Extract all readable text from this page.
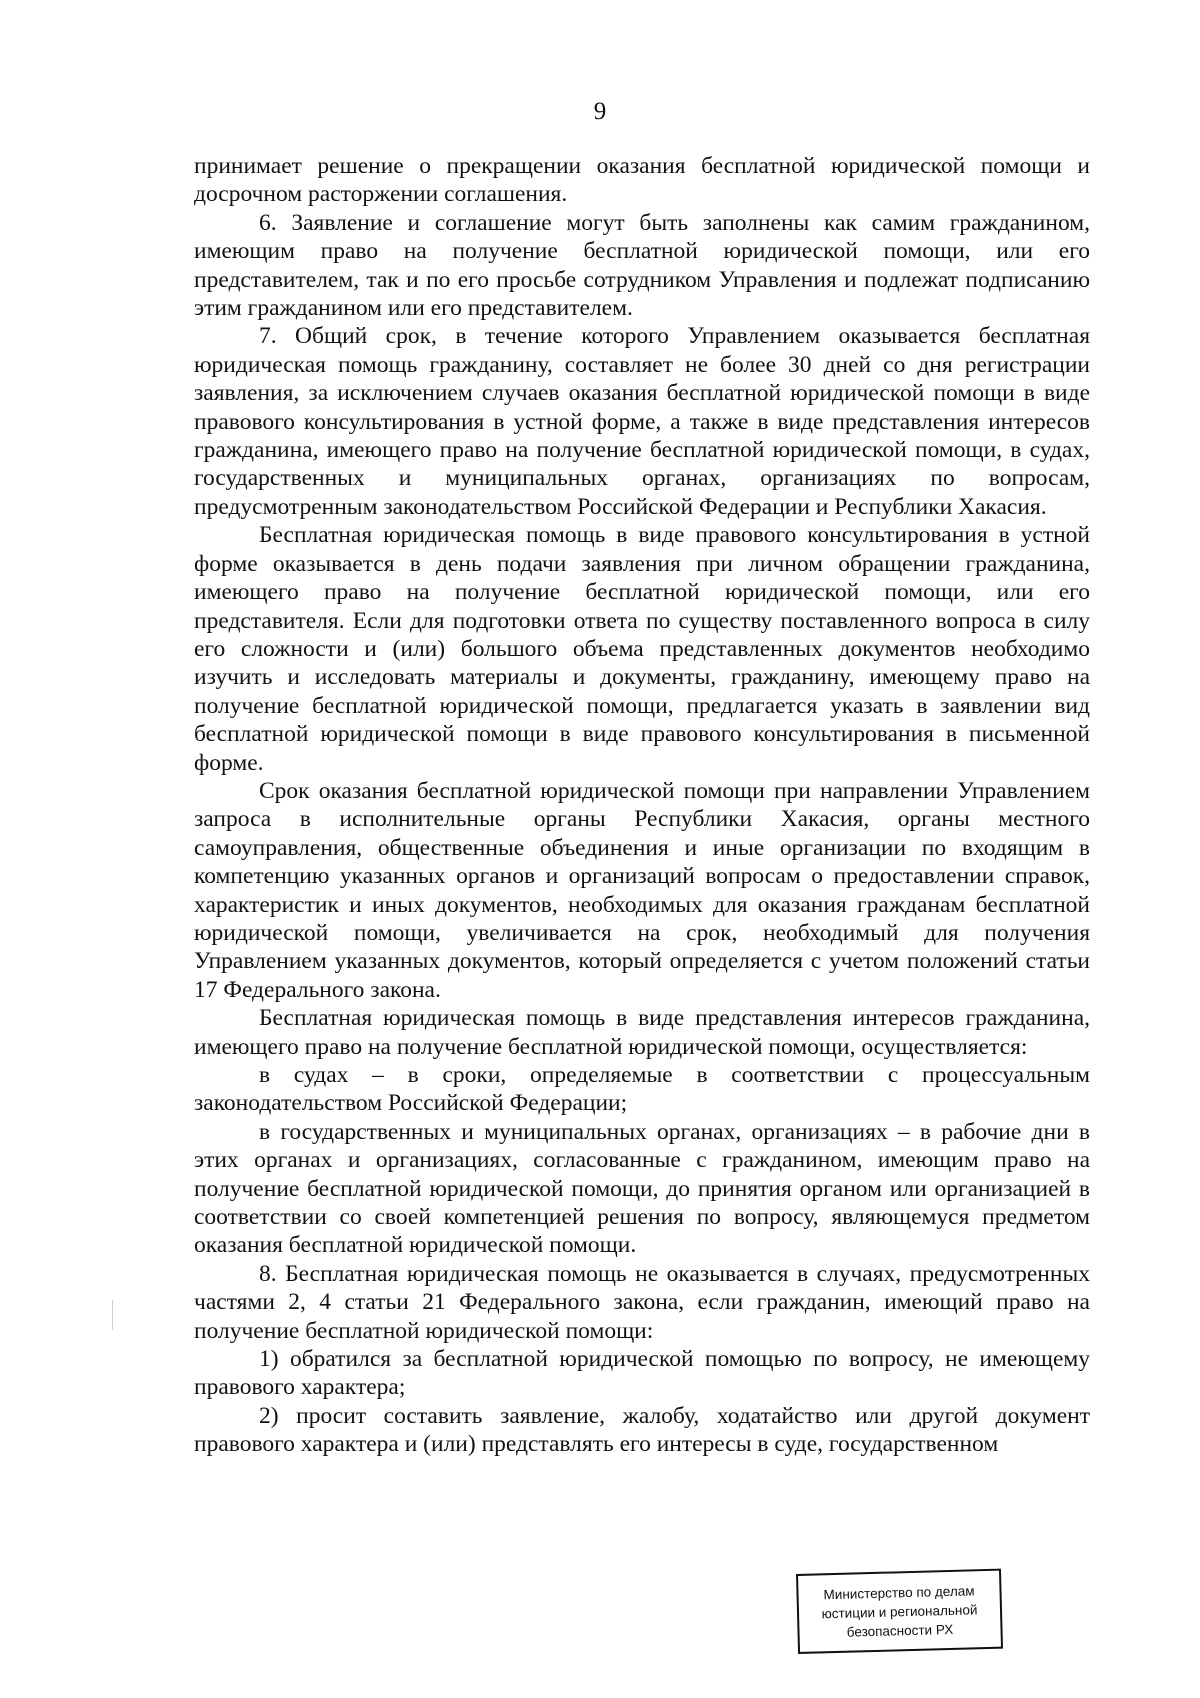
9

принимает решение о прекращении оказания бесплатной юридической помощи и досрочном расторжении соглашения.

6. Заявление и соглашение могут быть заполнены как самим гражданином, имеющим право на получение бесплатной юридической помощи, или его представителем, так и по его просьбе сотрудником Управления и подлежат подписанию этим гражданином или его представителем.

7. Общий срок, в течение которого Управлением оказывается бесплатная юридическая помощь гражданину, составляет не более 30 дней со дня регистрации заявления, за исключением случаев оказания бесплатной юридической помощи в виде правового консультирования в устной форме, а также в виде представления интересов гражданина, имеющего право на получение бесплатной юридической помощи, в судах, государственных и муниципальных органах, организациях по вопросам, предусмотренным законодательством Российской Федерации и Республики Хакасия.

Бесплатная юридическая помощь в виде правового консультирования в устной форме оказывается в день подачи заявления при личном обращении гражданина, имеющего право на получение бесплатной юридической помощи, или его представителя. Если для подготовки ответа по существу поставленного вопроса в силу его сложности и (или) большого объема представленных документов необходимо изучить и исследовать материалы и документы, гражданину, имеющему право на получение бесплатной юридической помощи, предлагается указать в заявлении вид бесплатной юридической помощи в виде правового консультирования в письменной форме.

Срок оказания бесплатной юридической помощи при направлении Управлением запроса в исполнительные органы Республики Хакасия, органы местного самоуправления, общественные объединения и иные организации по входящим в компетенцию указанных органов и организаций вопросам о предоставлении справок, характеристик и иных документов, необходимых для оказания гражданам бесплатной юридической помощи, увеличивается на срок, необходимый для получения Управлением указанных документов, который определяется с учетом положений статьи 17 Федерального закона.

Бесплатная юридическая помощь в виде представления интересов гражданина, имеющего право на получение бесплатной юридической помощи, осуществляется:

в судах – в сроки, определяемые в соответствии с процессуальным законодательством Российской Федерации;

в государственных и муниципальных органах, организациях – в рабочие дни в этих органах и организациях, согласованные с гражданином, имеющим право на получение бесплатной юридической помощи, до принятия органом или организацией в соответствии со своей компетенцией решения по вопросу, являющемуся предметом оказания бесплатной юридической помощи.

8. Бесплатная юридическая помощь не оказывается в случаях, предусмотренных частями 2, 4 статьи 21 Федерального закона, если гражданин, имеющий право на получение бесплатной юридической помощи:

1) обратился за бесплатной юридической помощью по вопросу, не имеющему правового характера;

2) просит составить заявление, жалобу, ходатайство или другой документ правового характера и (или) представлять его интересы в суде, государственном

Министерство по делам
юстиции и региональной
безопасности РХ
